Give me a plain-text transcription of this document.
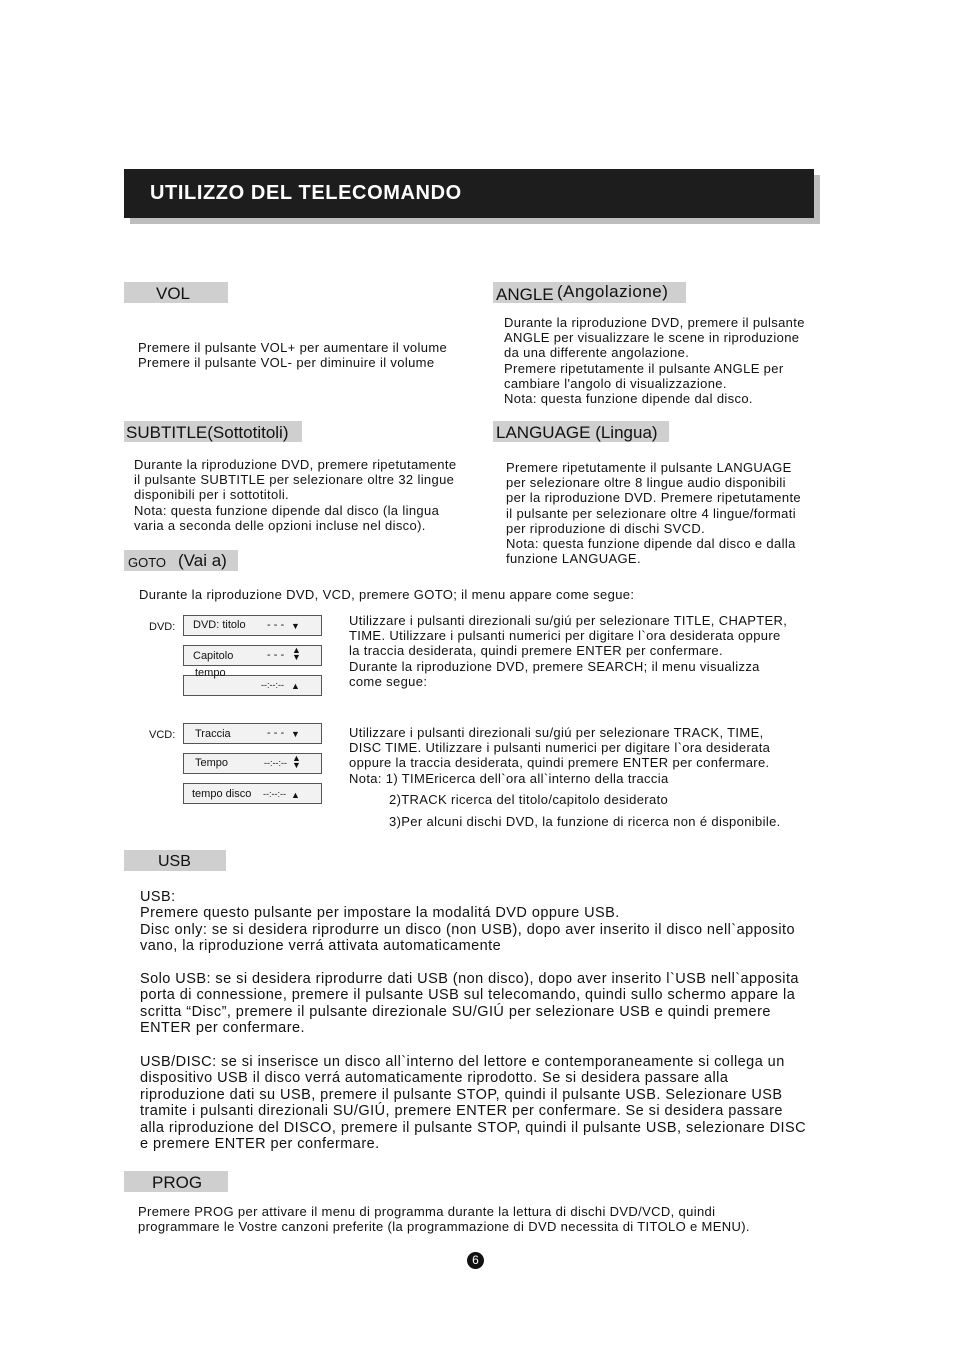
UTILIZZO DEL TELECOMANDO
VOL
Premere il pulsante VOL+ per aumentare il volume
Premere il pulsante VOL- per diminuire il volume
ANGLE (Angolazione)
Durante la riproduzione DVD, premere il pulsante
ANGLE per visualizzare le scene in riproduzione
da una differente angolazione.
Premere ripetutamente il pulsante ANGLE per
cambiare l'angolo di visualizzazione.
Nota: questa funzione dipende dal disco.
SUBTITLE(Sottotitoli)
Durante la riproduzione DVD, premere ripetutamente
il pulsante SUBTITLE per selezionare oltre 32 lingue
disponibili per i sottotitoli.
Nota: questa funzione dipende dal disco (la lingua
varia a seconda delle opzioni incluse nel disco).
LANGUAGE (Lingua)
Premere ripetutamente il pulsante LANGUAGE
per selezionare oltre 8 lingue audio disponibili
per la riproduzione DVD. Premere ripetutamente
il pulsante per selezionare oltre 4 lingue/formati
per riproduzione di dischi SVCD.
Nota: questa funzione dipende dal disco e dalla
funzione LANGUAGE.
GOTO (Vai a)
Durante la riproduzione DVD, VCD, premere GOTO; il menu appare come segue:
DVD: DVD: titolo - - - ▼
Capitolo	- - - ▲▼
tempo
--:--:-- ▲
Utilizzare i pulsanti direzionali su/giú per selezionare TITLE, CHAPTER,
TIME. Utilizzare i pulsanti numerici per digitare l`ora desiderata oppure
la traccia desiderata, quindi premere ENTER per confermare.
Durante la riproduzione DVD, premere SEARCH; il menu visualizza
come segue:
VCD: Traccia	- - - ▼
Tempo	--:--:-- ▲▼
tempo disco --:--:-- ▲
Utilizzare i pulsanti direzionali su/giú per selezionare TRACK, TIME,
DISC TIME. Utilizzare i pulsanti numerici per digitare l`ora desiderata
oppure la traccia desiderata, quindi premere ENTER per confermare.
Nota: 1) TIMEricerca dell`ora all`interno della traccia
2)TRACK ricerca del titolo/capitolo desiderato
3)Per alcuni dischi DVD, la funzione di ricerca non é disponibile.
USB
USB:
Premere questo pulsante per impostare la modalitá DVD oppure USB.
Disc only: se si desidera riprodurre un disco (non USB), dopo aver inserito il disco nell`apposito
vano, la riproduzione verrá attivata automaticamente
Solo USB: se si desidera riprodurre dati USB (non disco), dopo aver inserito l`USB nell`apposita
porta di connessione, premere il pulsante USB sul telecomando, quindi sullo schermo appare la
scritta “Disc”, premere il pulsante direzionale SU/GIÚ per selezionare USB e quindi premere
ENTER per confermare.
USB/DISC: se si inserisce un disco all`interno del lettore e contemporaneamente si collega un
dispositivo USB il disco verrá automaticamente riprodotto. Se si desidera passare alla
riproduzione dati su USB, premere il pulsante STOP, quindi il pulsante USB. Selezionare USB
tramite i pulsanti direzionali SU/GIÚ, premere ENTER per confermare. Se si desidera passare
alla riproduzione del DISCO, premere il pulsante STOP, quindi il pulsante USB, selezionare DISC
e premere ENTER per confermare.
PROG
Premere PROG per attivare il menu di programma durante la lettura di dischi DVD/VCD, quindi
programmare le Vostre canzoni preferite (la programmazione di DVD necessita di TITOLO e MENU).
6
